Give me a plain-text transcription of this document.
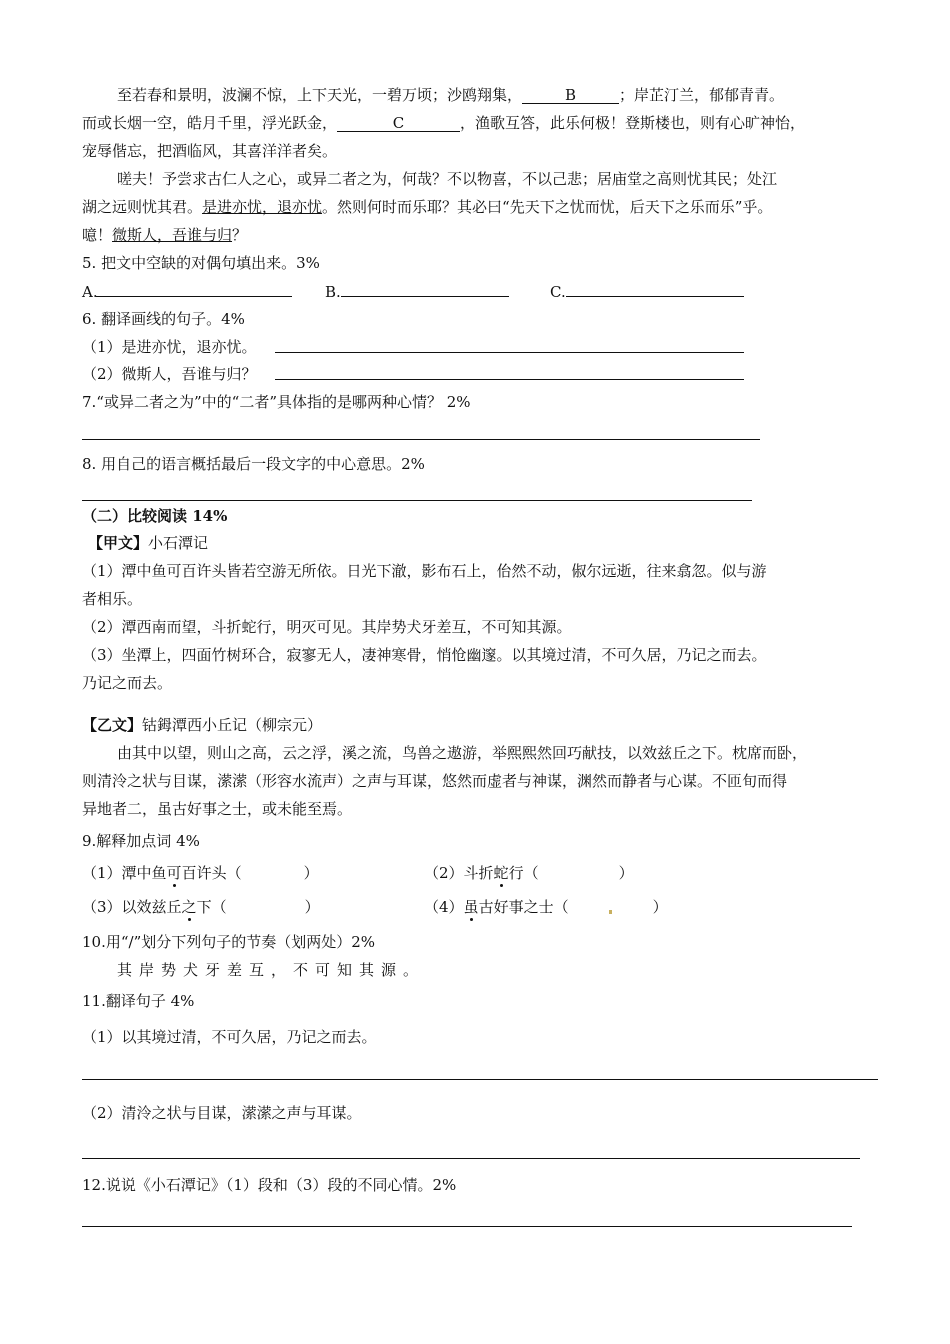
至若春和景明，波澜不惊，上下天光，一碧万顷；沙鸥翔集，	B	；岸芷汀兰，郁郁青青。
而或长烟一空，皓月千里，浮光跃金，	C	，渔歌互答，此乐何极！登斯楼也，则有心旷神怡，
宠辱偕忘，把酒临风，其喜洋洋者矣。
嗟夫！予尝求古仁人之心，或异二者之为，何哉？不以物喜，不以己悲；居庙堂之高则忧其民；处江
湖之远则忧其君。是进亦忧，退亦忧。然则何时而乐耶？其必曰“先天下之忧而忧，后天下之乐而乐”乎。
噫！微斯人，吾谁与归？
5. 把文中空缺的对偶句填出来。3%
A.	B.	C.
6. 翻译画线的句子。4%
（1）是进亦忧，退亦忧。
（2）微斯人，吾谁与归？
7.“或异二者之为”中的“二者”具体指的是哪两种心情？ 2%
8. 用自己的语言概括最后一段文字的中心意思。2%
（二）比较阅读 14%
【甲文】小石潭记
（1）潭中鱼可百许头皆若空游无所依。日光下澈，影布石上，佁然不动，俶尔远逝，往来翕忽。似与游
者相乐。
（2）潭西南而望，斗折蛇行，明灭可见。其岸势犬牙差互，不可知其源。
（3）坐潭上，四面竹树环合，寂寥无人，凄神寒骨，悄怆幽邃。以其境过清，不可久居，乃记之而去。
乃记之而去。
【乙文】钴鉧潭西小丘记（柳宗元）
由其中以望，则山之高，云之浮，溪之流，鸟兽之遨游，举熙熙然回巧献技，以效兹丘之下。枕席而卧，
则清泠之状与目谋，潆潆（形容水流声）之声与耳谋，悠然而虚者与神谋，渊然而静者与心谋。不匝旬而得
异地者二，虽古好事之士，或未能至焉。
9.解释加点词 4%
（1）潭中鱼可百许头（	）	（2）斗折蛇行（	）
（3）以效兹丘之下（	）	（4）虽古好事之士（	）
10.用“/”划分下列句子的节奏（划两处）2%
其岸势犬牙差互，不可知其源。
11.翻译句子 4%
（1）以其境过清，不可久居，乃记之而去。
（2）清泠之状与目谋，潆潆之声与耳谋。
12.说说《小石潭记》（1）段和（3）段的不同心情。2%
